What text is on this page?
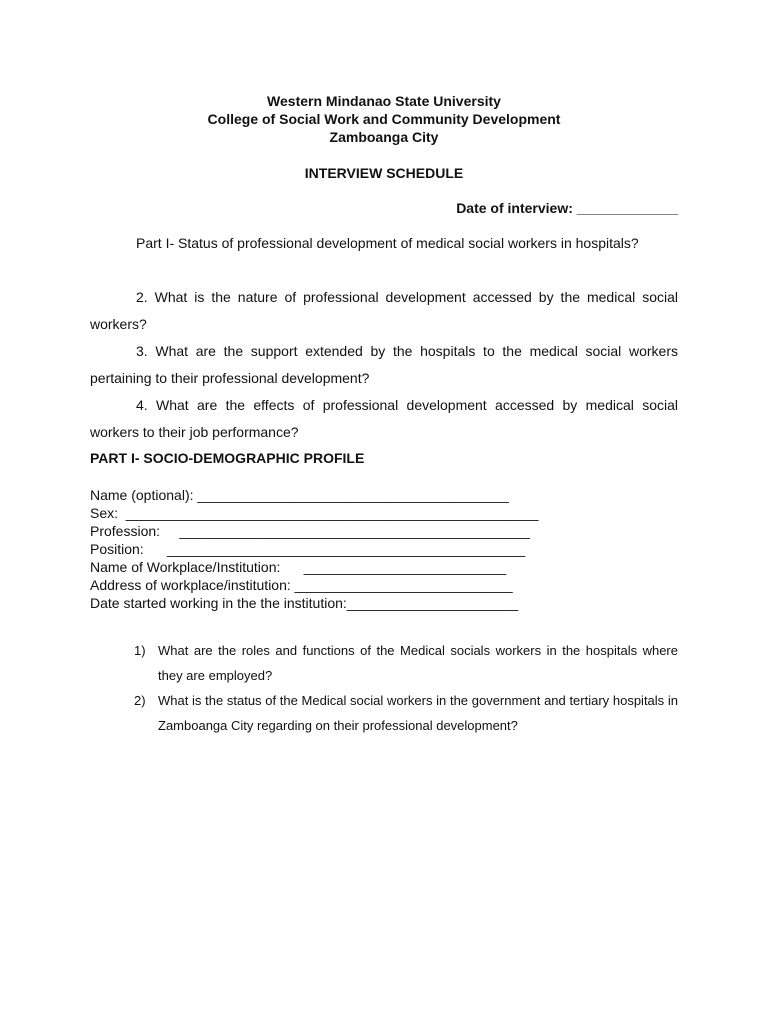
Western Mindanao State University
College of Social Work and Community Development
Zamboanga City
INTERVIEW SCHEDULE
Date of interview: _____________
Part I- Status of professional development of medical social workers in hospitals?
2. What is the nature of professional development accessed by the medical social workers?
3. What are the support extended by the hospitals to the medical social workers pertaining to their professional development?
4. What are the effects of professional development accessed by medical social workers to their job performance?
PART I- SOCIO-DEMOGRAPHIC PROFILE
Name (optional): ________________________________________
Sex:  _____________________________________________________
Profession:     _____________________________________________
Position:      ______________________________________________
Name of Workplace/Institution:      __________________________
Address of workplace/institution: ____________________________
Date started working in the the institution:______________________
1) What are the roles and functions of the Medical socials workers in the hospitals where they are employed?
2) What is the status of the Medical social workers in the government and tertiary hospitals in Zamboanga City regarding on their professional development?
